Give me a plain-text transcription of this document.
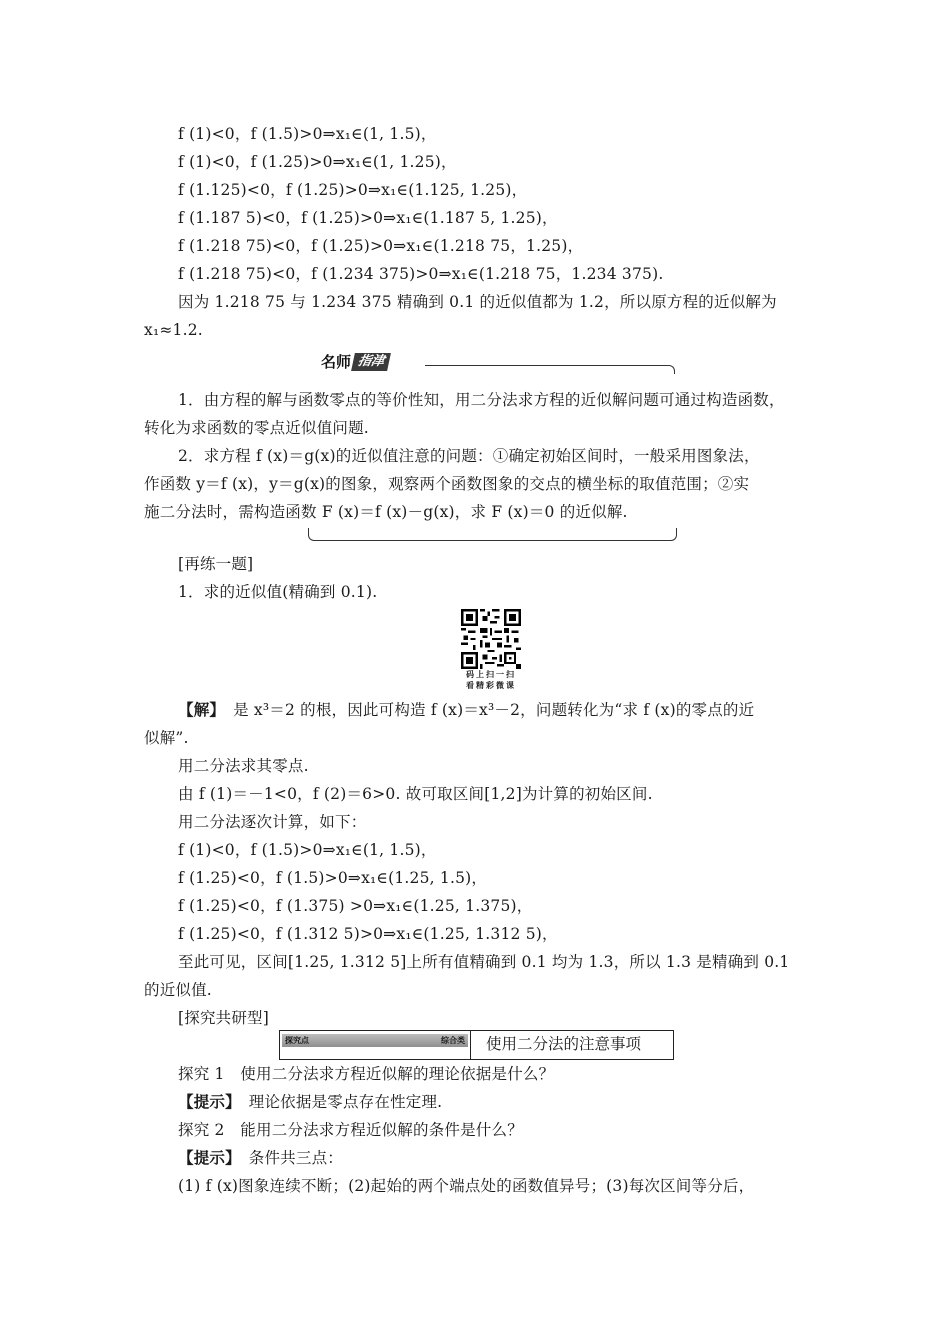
f (1)<0，f (1.5)>0⇒x₁∈(1, 1.5)，
f (1)<0，f (1.25)>0⇒x₁∈(1, 1.25)，
f (1.125)<0，f (1.25)>0⇒x₁∈(1.125, 1.25)，
f (1.187 5)<0，f (1.25)>0⇒x₁∈(1.187 5, 1.25)，
f (1.218 75)<0，f (1.25)>0⇒x₁∈(1.218 75，1.25)，
f (1.218 75)<0，f (1.234 375)>0⇒x₁∈(1.218 75，1.234 375).
因为 1.218 75 与 1.234 375 精确到 0.1 的近似值都为 1.2，所以原方程的近似解为
x₁≈1.2.
名师 指津
1．由方程的解与函数零点的等价性知，用二分法求方程的近似解问题可通过构造函数，
转化为求函数的零点近似值问题.
2．求方程 f (x)＝g(x)的近似值注意的问题：①确定初始区间时，一般采用图象法，
作函数 y＝f (x)，y＝g(x)的图象，观察两个函数图象的交点的横坐标的取值范围；②实
施二分法时，需构造函数 F (x)＝f (x)－g(x)，求 F (x)＝0 的近似解.
[再练一题]
1．求的近似值(精确到 0.1).
码上扫一扫
看精彩微课
【解】　 是 x³＝2 的根，因此可构造 f (x)＝x³－2，问题转化为“求 f (x)的零点的近
似解”.
用二分法求其零点.
由 f (1)＝－1<0，f (2)＝6>0. 故可取区间[1,2]为计算的初始区间.
用二分法逐次计算，如下：
f (1)<0，f (1.5)>0⇒x₁∈(1, 1.5)，
f (1.25)<0，f (1.5)>0⇒x₁∈(1.25, 1.5)，
f (1.25)<0，f (1.375) >0⇒x₁∈(1.25, 1.375)，
f (1.25)<0，f (1.312 5)>0⇒x₁∈(1.25, 1.312 5)，
至此可见，区间[1.25, 1.312 5]上所有值精确到 0.1 均为 1.3，所以 1.3 是精确到 0.1
的近似值.
[探究共研型]
探究点	综合类 使用二分法的注意事项
探究 1　使用二分法求方程近似解的理论依据是什么？
【提示】　 理论依据是零点存在性定理.
探究 2　能用二分法求方程近似解的条件是什么？
【提示】　 条件共三点：
(1) f (x)图象连续不断；(2)起始的两个端点处的函数值异号；(3)每次区间等分后，
